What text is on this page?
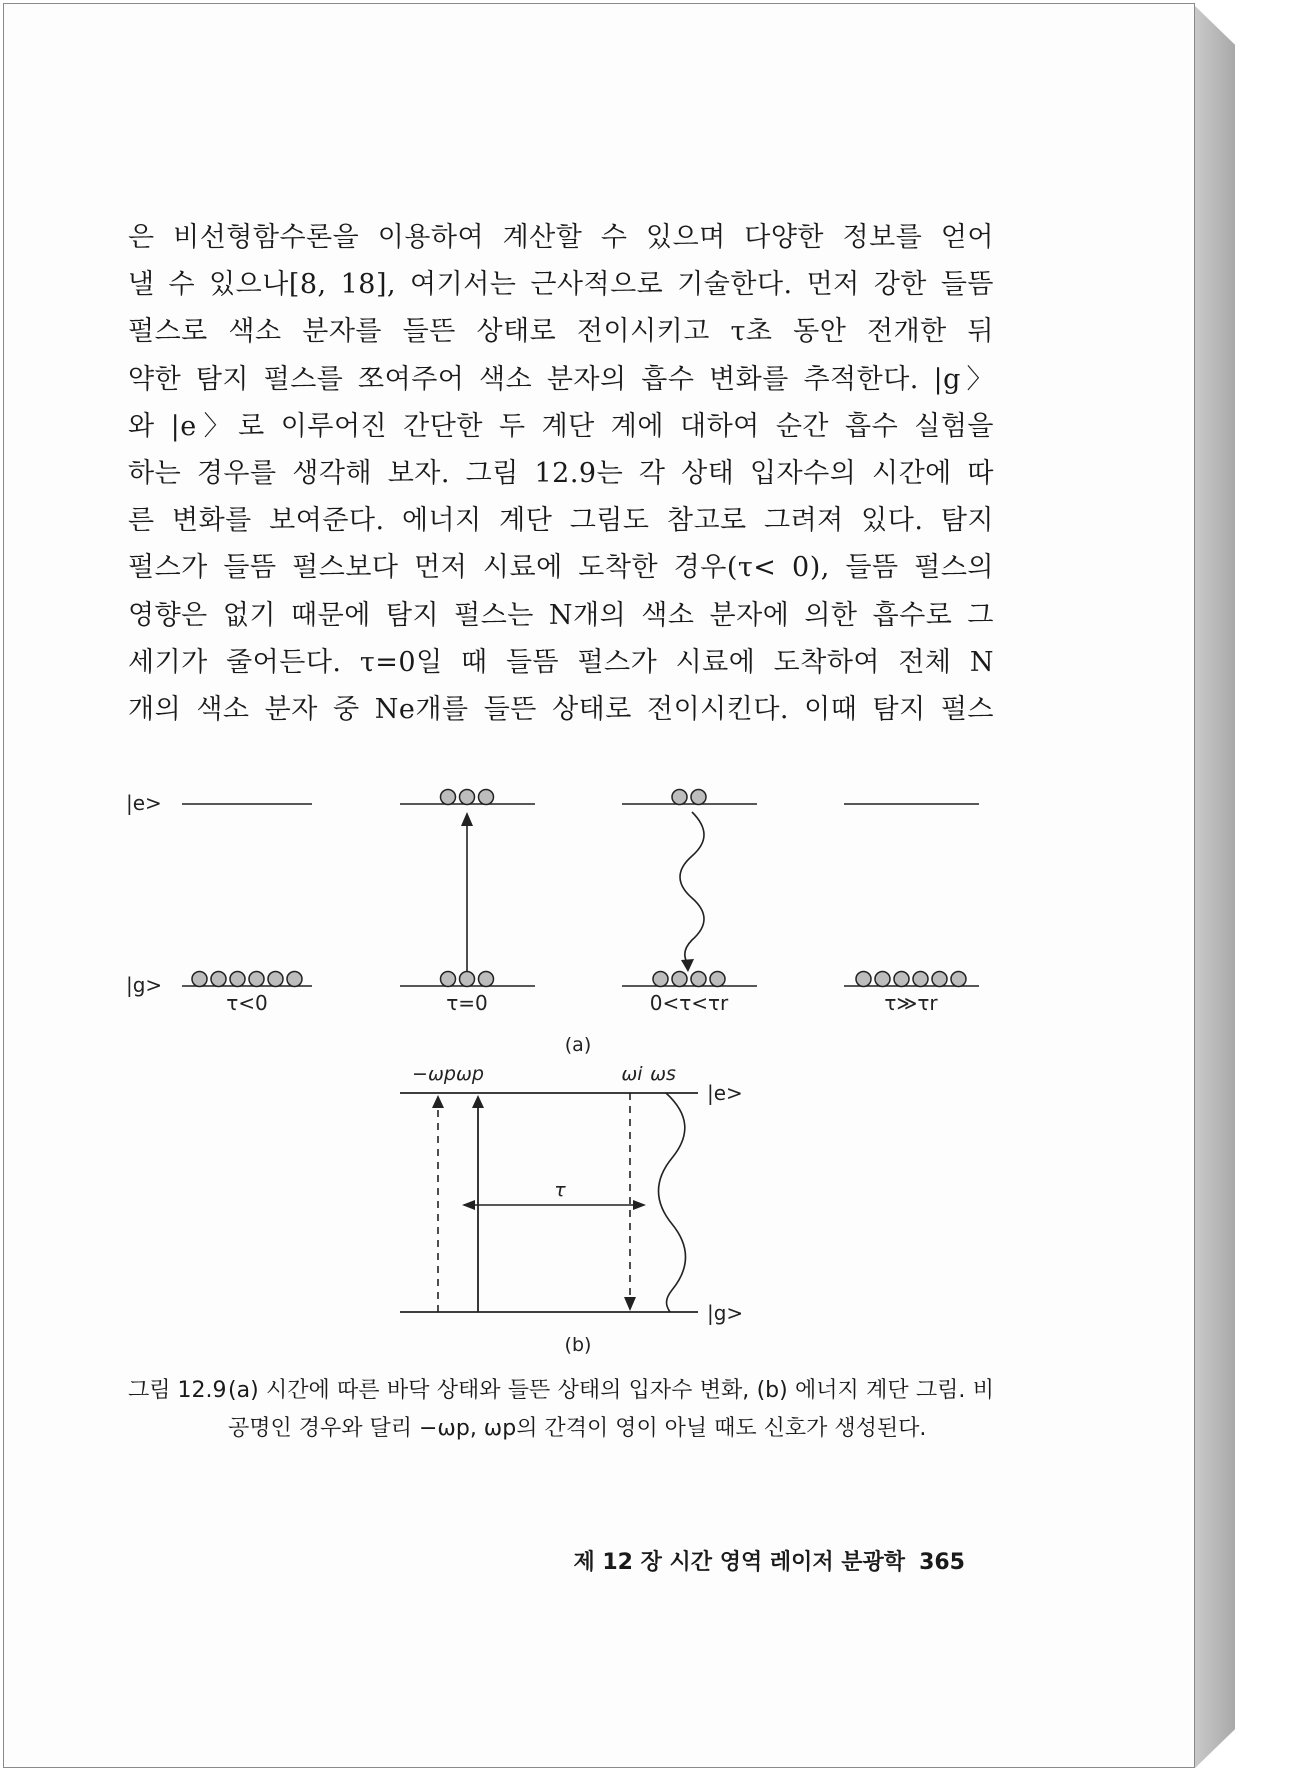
은 비선형함수론을 이용하여 계산할 수 있으며 다양한 정보를 얻어
낼 수 있으나[8, 18], 여기서는 근사적으로 기술한다. 먼저 강한 들뜸
펄스로 색소 분자를 들뜬 상태로 전이시키고 τ초 동안 전개한 뒤
약한 탐지 펄스를 쪼여주어 색소 분자의 흡수 변화를 추적한다. |g〉
와 |e〉로 이루어진 간단한 두 계단 계에 대하여 순간 흡수 실험을
하는 경우를 생각해 보자. 그림 12.9는 각 상태 입자수의 시간에 따
른 변화를 보여준다. 에너지 계단 그림도 참고로 그려져 있다. 탐지
펄스가 들뜸 펄스보다 먼저 시료에 도착한 경우(τ< 0), 들뜸 펄스의
영향은 없기 때문에 탐지 펄스는 N개의 색소 분자에 의한 흡수로 그
세기가 줄어든다. τ=0일 때 들뜸 펄스가 시료에 도착하여 전체 N
개의 색소 분자 중 Ne개를 들뜬 상태로 전이시킨다. 이때 탐지 펄스
|e>
|g>
τ<0	τ=0	0<τ<τr	τ≫τr
(a)
−ωp ωp	ωi ωs
|e>
|g>
τ
(b)
그림 12.9 (a) 시간에 따른 바닥 상태와 들뜬 상태의 입자수 변화, (b) 에너지 계단 그림. 비공명인 경우와 달리 −ωp, ωp의 간격이 영이 아닐 때도 신호가 생성된다.
제 12 장 시간 영역 레이저 분광학 365
